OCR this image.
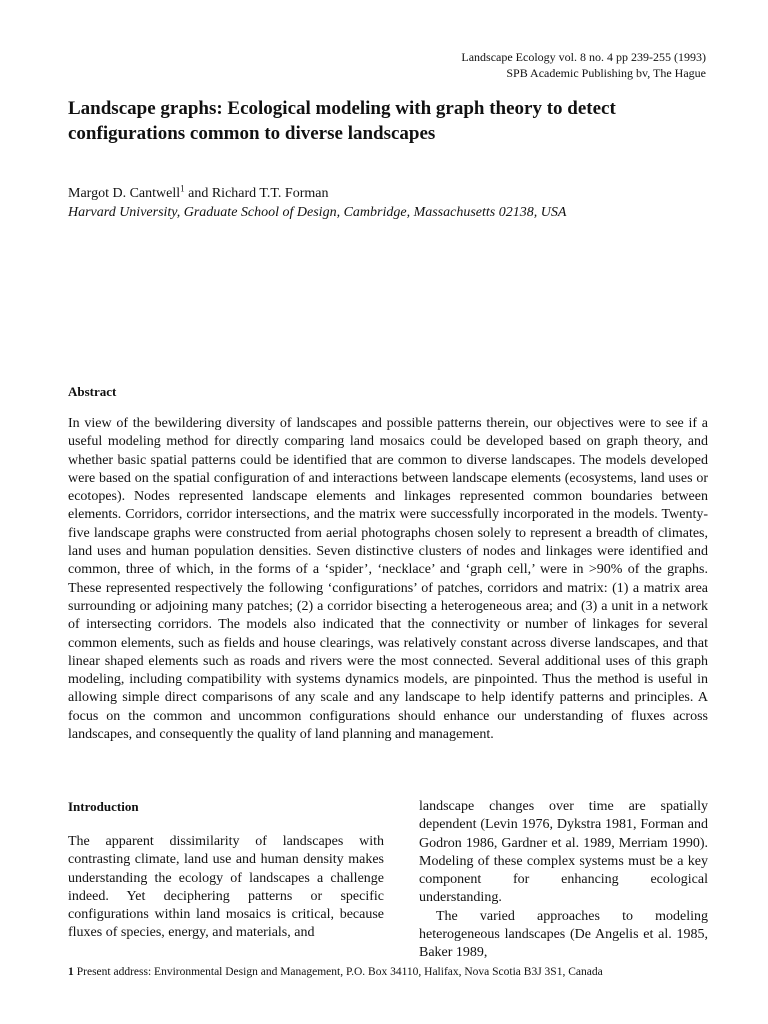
Landscape Ecology vol. 8 no. 4 pp 239-255 (1993)
SPB Academic Publishing bv, The Hague
Landscape graphs: Ecological modeling with graph theory to detect configurations common to diverse landscapes
Margot D. Cantwell$^1$ and Richard T.T. Forman
Harvard University, Graduate School of Design, Cambridge, Massachusetts 02138, USA
Abstract

In view of the bewildering diversity of landscapes and possible patterns therein, our objectives were to see if a useful modeling method for directly comparing land mosaics could be developed based on graph theory, and whether basic spatial patterns could be identified that are common to diverse landscapes. The models developed were based on the spatial configuration of and interactions between landscape elements (ecosystems, land uses or ecotopes). Nodes represented landscape elements and linkages represented common boundaries between elements. Corridors, corridor intersections, and the matrix were successfully incorporated in the models. Twenty-five landscape graphs were constructed from aerial photographs chosen solely to represent a breadth of climates, land uses and human population densities. Seven distinctive clusters of nodes and linkages were identified and common, three of which, in the forms of a ‘spider’, ‘necklace’ and ‘graph cell,’ were in >90% of the graphs. These represented respectively the following ‘configurations’ of patches, corridors and matrix: (1) a matrix area surrounding or adjoining many patches; (2) a corridor bisecting a heterogeneous area; and (3) a unit in a network of intersecting corridors. The models also indicated that the connectivity or number of linkages for several common elements, such as fields and house clearings, was relatively constant across diverse landscapes, and that linear shaped elements such as roads and rivers were the most connected. Several additional uses of this graph modeling, including compatibility with systems dynamics models, are pinpointed. Thus the method is useful in allowing simple direct comparisons of any scale and any landscape to help identify patterns and principles. A focus on the common and uncommon configurations should enhance our understanding of fluxes across landscapes, and consequently the quality of land planning and management.

Introduction

The apparent dissimilarity of landscapes with contrasting climate, land use and human density makes understanding the ecology of landscapes a challenge indeed. Yet deciphering patterns or specific configurations within land mosaics is critical, because fluxes of species, energy, and materials, and

landscape changes over time are spatially dependent (Levin 1976, Dykstra 1981, Forman and Godron 1986, Gardner et al. 1989, Merriam 1990). Modeling of these complex systems must be a key component for enhancing ecological understanding.

The varied approaches to modeling heterogeneous landscapes (De Angelis et al. 1985, Baker 1989,

1 Present address: Environmental Design and Management, P.O. Box 34110, Halifax, Nova Scotia B3J 3S1, Canada
